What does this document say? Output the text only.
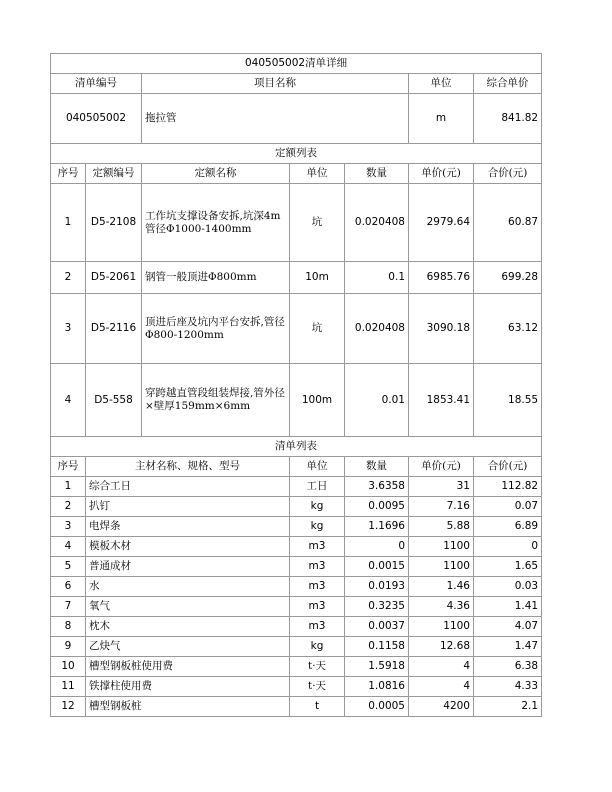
040505002清单详细						
清单编号		项目名称			单位	综合单价
040505002		拖拉管			m	841.82
定额列表						
序号	定额编号	定额名称	单位	数量	单价(元)	合价(元)
1	D5-2108	工作坑支撑设备安拆,坑深4m管径Φ1000-1400mm	坑	0.020408	2979.64	60.87
2	D5-2061	钢管一般顶进Φ800mm	10m	0.1	6985.76	699.28
3	D5-2116	顶进后座及坑内平台安拆,管径Φ800-1200mm	坑	0.020408	3090.18	63.12
4	D5-558	穿跨越直管段组装焊接,管外径×壁厚159mm×6mm	100m	0.01	1853.41	18.55
清单列表						
序号	主材名称、规格、型号		单位	数量	单价(元)	合价(元)
1	综合工日		工日	3.6358	31	112.82
2	扒钉		kg	0.0095	7.16	0.07
3	电焊条		kg	1.1696	5.88	6.89
4	模板木材		m3	0	1100	0
5	普通成材		m3	0.0015	1100	1.65
6	水		m3	0.0193	1.46	0.03
7	氧气		m3	0.3235	4.36	1.41
8	枕木		m3	0.0037	1100	4.07
9	乙炔气		kg	0.1158	12.68	1.47
10	槽型钢板桩使用费		t·天	1.5918	4	6.38
11	铁撑柱使用费		t·天	1.0816	4	4.33
12	槽型钢板桩		t	0.0005	4200	2.1
